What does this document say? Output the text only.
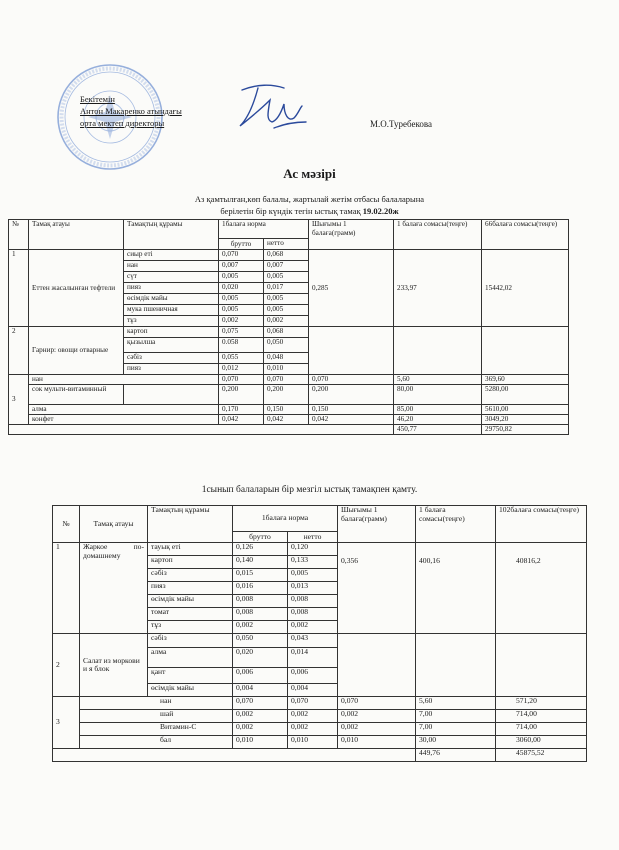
Бекітемін
Антон Макаренко атындағы
орта мектеп директоры	М.О.Туребекова
Ас мәзірі
Аз қамтылған,көп балалы, жартылай жетім отбасы балаларына
берілетін бір күндік тегін ыстық тамақ 19.02.20ж
№	Тамақ атауы	Тамақтың құрамы	1балаға норма		Шығымы 1 балаға(грамм)	1 балаға сомасы(теңге)	66балаға сомасы(теңге)
			брутто	нетто			
1	Еттен жасалынған тефтели	сиыр еті	0,070	0,068	0,285	233,97	15442,02
		нан	0,007	0,007			
		сүт	0,005	0,005			
		пияз	0,020	0,017			
		өсімдік майы	0,005	0,005			
		мука пшеничная	0,005	0,005			
		тұз	0,002	0,002			
2	Гарнир: овощи отварные	картоп	0,075	0,068			
		қызылша	0.058	0,050			
		сәбіз	0,055	0,048			
		пияз	0,012	0,010			
3	нан		0,070	0,070	0,070	5,60	369,60
	сок мульти-витаминный		0,200	0,200	0,200	80,00	5280,00
	алма		0,170	0,150	0,150	85,00	5610,00
	конфет		0,042	0,042	0,042	46,20	3049,20
						450,77	29750,82
1сынып балаларын бір мезгіл ыстық тамақпен қамту.
№	Тамақ атауы	Тамақтың құрамы	1балаға норма		Шығымы 1 балаға(грамм)	1 балаға сомасы(теңге)	102балаға сомасы(теңге)
			брутто	нетто			
1	Жаркое по-домашнему	тауық еті	0,126	0,120	0,356	400,16	40816,2
		картоп	0,140	0,133			
		сәбіз	0,015	0,005			
		пияз	0,016	0,013			
		өсімдік майы	0,008	0,008			
		томат	0,008	0,008			
		тұз	0,002	0,002			
2	Салат из моркови и я блок	сәбіз	0,050	0,043			
		алма	0,020	0,014			
		қант	0,006	0,006			
		өсімдік майы	0,004	0,004			
3	нан		0,070	0,070	0,070	5,60	571,20
	шай		0,002	0,002	0,002	7,00	714,00
	Витамин-С		0,002	0,002	0,002	7,00	714,00
	бал		0,010	0,010	0,010	30,00	3060,00
						449,76	45875,52
